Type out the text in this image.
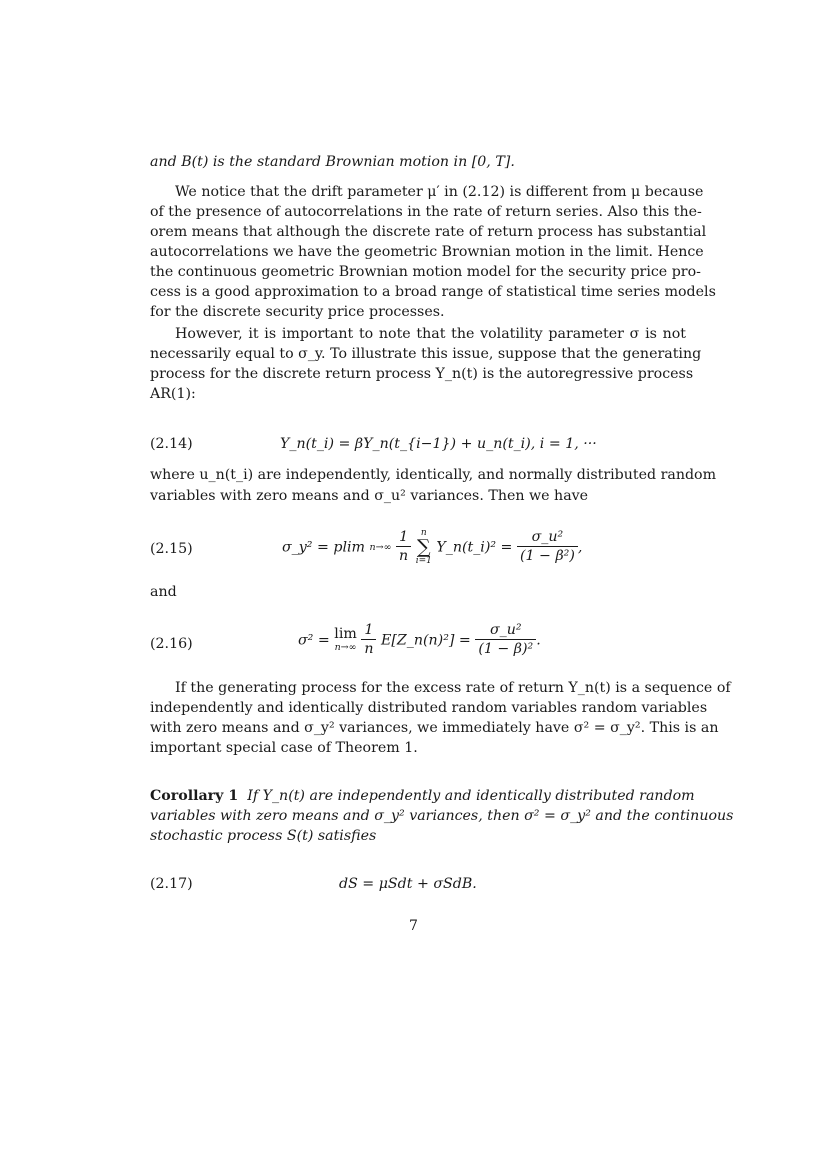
and B(t) is the standard Brownian motion in [0, T].
We notice that the drift parameter μ′ in (2.12) is different from μ because
of the presence of autocorrelations in the rate of return series. Also this the-
orem means that although the discrete rate of return process has substantial
autocorrelations we have the geometric Brownian motion in the limit. Hence
the continuous geometric Brownian motion model for the security price pro-
cess is a good approximation to a broad range of statistical time series models
for the discrete security price processes.
However, it is important to note that the volatility parameter σ is not
necessarily equal to σ_y. To illustrate this issue, suppose that the generating
process for the discrete return process Y_n(t) is the autoregressive process
AR(1):
(2.14)	Y_n(t_i) = βY_n(t_{i−1}) + u_n(t_i), i = 1, ···
where u_n(t_i) are independently, identically, and normally distributed random
variables with zero means and σ_u² variances. Then we have
(2.15)	σ_y² = plim n→∞
$\frac{1}{n}$
	n
∑
i=1
Y_n(t_i)² = $\frac{\text{σ\_u²}}{\text{(1 − β²)}}$ ,
and
(2.16)	σ² = lim
n→∞
$\frac{1}{n}$ E[Z_n(n)²] = $\frac{\text{σ\_u²}}{\text{(1 − β)²}}$ .
If the generating process for the excess rate of return Y_n(t) is a sequence of
independently and identically distributed random variables random variables
with zero means and σ_y² variances, we immediately have σ² = σ_y². This is an
important special case of Theorem 1.
Corollary 1 If Y_n(t) are independently and identically distributed random
variables with zero means and σ_y² variances, then σ² = σ_y² and the continuous
stochastic process S(t) satisfies
(2.17)	dS = μSdt + σSdB.
7
